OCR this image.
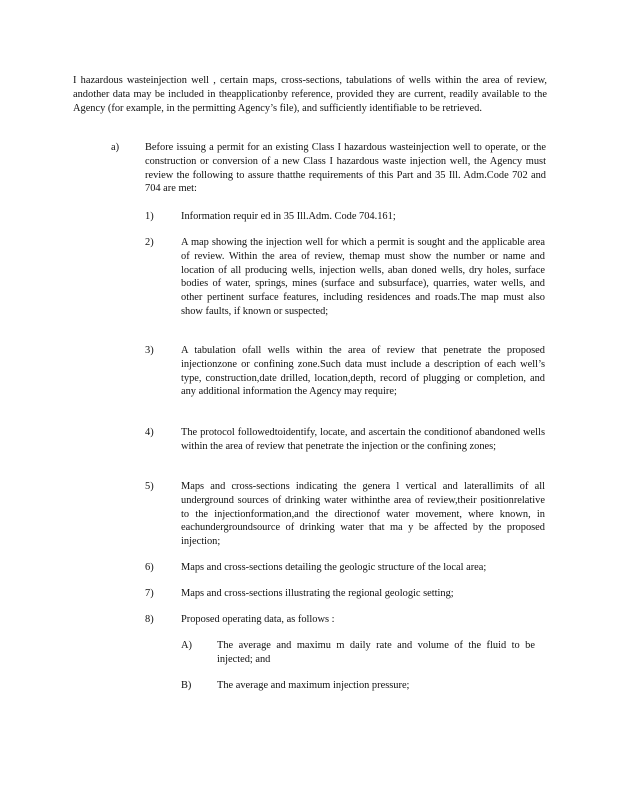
I hazardous wasteinjection well , certain maps, cross-sections, tabulations of wells within the area of review, andother data may be included in theapplicationby reference, provided they are current, readily available to the Agency (for example, in the permitting Agency’s file), and sufficiently identifiable to be retrieved.
a) Before issuing a permit for an existing Class I hazardous wasteinjection well to operate, or the construction or conversion of a new Class I hazardous waste injection well, the Agency must review the following to assure thatthe requirements of this Part and 35 Ill. Adm.Code 702 and 704 are met:
1)	Information requir ed in 35 Ill.Adm. Code 704.161;
2)	A map showing the injection well for which a permit is sought and the applicable area of review. Within the area of review, themap must show the number or name and location of all producing wells, injection wells, aban doned wells, dry holes, surface bodies of water, springs, mines (surface and subsurface), quarries, water wells, and other pertinent surface features, including residences and roads.The map must also show faults, if known or suspected;
3)	A tabulation ofall wells within the area of review that penetrate the proposed injectionzone or confining zone.Such data must include a description of each well’s type, construction,date drilled, location,depth, record of plugging or completion, and any additional information the Agency may require;
4)	The protocol followedtoidentify, locate, and ascertain the conditionof abandoned wells within the area of review that penetrate the injection or the confining zones;
5)	Maps and cross-sections indicating the genera l vertical and laterallimits of all underground sources of drinking water withinthe area of review,their positionrelative to the injectionformation,and the directionof water movement, where known, in eachundergroundsource of drinking water that ma y be affected by the proposed injection;
6)	Maps and cross-sections detailing the geologic structure of the local area;
7)	Maps and cross-sections illustrating the regional geologic setting;
8)	Proposed operating data, as follows :
A) The average and maximu m daily rate and volume of the fluid to be injected; and
B) The average and maximum injection pressure;
